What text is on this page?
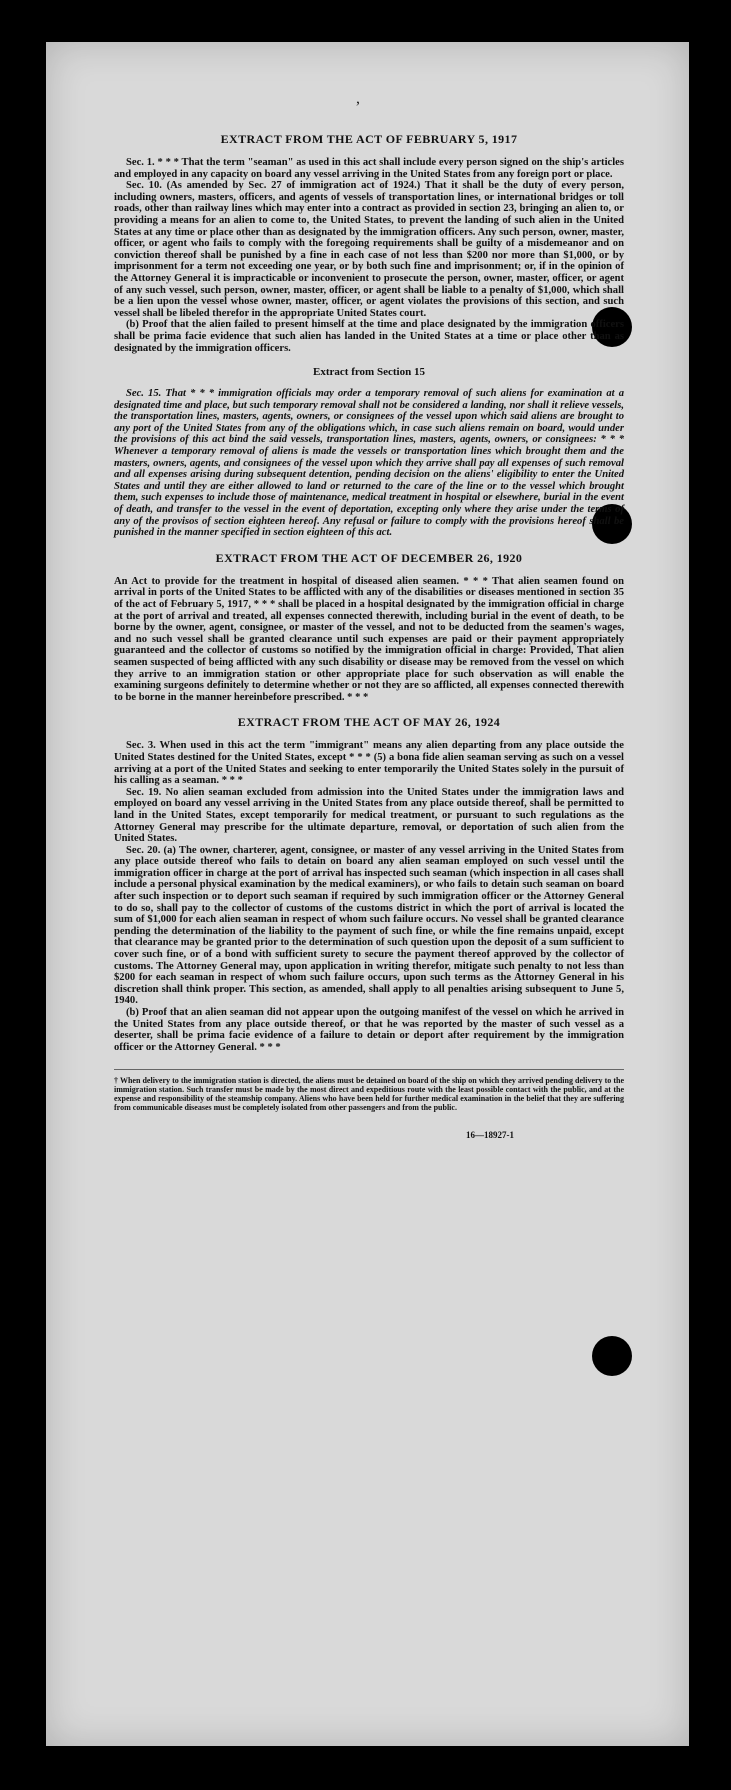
,
EXTRACT FROM THE ACT OF FEBRUARY 5, 1917

Sec. 1. * * * That the term "seaman" as used in this act shall include every person signed on the ship's articles and employed in any capacity on board any vessel arriving in the United States from any foreign port or place.

Sec. 10. (As amended by Sec. 27 of immigration act of 1924.) That it shall be the duty of every person, including owners, masters, officers, and agents of vessels of transportation lines, or international bridges or toll roads, other than railway lines which may enter into a contract as provided in section 23, bringing an alien to, or providing a means for an alien to come to, the United States, to prevent the landing of such alien in the United States at any time or place other than as designated by the immigration officers. Any such person, owner, master, officer, or agent who fails to comply with the foregoing requirements shall be guilty of a misdemeanor and on conviction thereof shall be punished by a fine in each case of not less than $200 nor more than $1,000, or by imprisonment for a term not exceeding one year, or by both such fine and imprisonment; or, if in the opinion of the Attorney General it is impracticable or inconvenient to prosecute the person, owner, master, officer, or agent of any such vessel, such person, owner, master, officer, or agent shall be liable to a penalty of $1,000, which shall be a lien upon the vessel whose owner, master, officer, or agent violates the provisions of this section, and such vessel shall be libeled therefor in the appropriate United States court.

(b) Proof that the alien failed to present himself at the time and place designated by the immigration officers shall be prima facie evidence that such alien has landed in the United States at a time or place other than as designated by the immigration officers.

Extract from Section 15

Sec. 15. That * * * immigration officials may order a temporary removal of such aliens for examination at a designated time and place, but such temporary removal shall not be considered a landing, nor shall it relieve vessels, the transportation lines, masters, agents, owners, or consignees of the vessel upon which said aliens are brought to any port of the United States from any of the obligations which, in case such aliens remain on board, would under the provisions of this act bind the said vessels, transportation lines, masters, agents, owners, or consignees: * * * Whenever a temporary removal of aliens is made the vessels or transportation lines which brought them and the masters, owners, agents, and consignees of the vessel upon which they arrive shall pay all expenses of such removal and all expenses arising during subsequent detention, pending decision on the aliens' eligibility to enter the United States and until they are either allowed to land or returned to the care of the line or to the vessel which brought them, such expenses to include those of maintenance, medical treatment in hospital or elsewhere, burial in the event of death, and transfer to the vessel in the event of deportation, excepting only where they arise under the terms of any of the provisos of section eighteen hereof. Any refusal or failure to comply with the provisions hereof shall be punished in the manner specified in section eighteen of this act.

EXTRACT FROM THE ACT OF DECEMBER 26, 1920

An Act to provide for the treatment in hospital of diseased alien seamen. * * * That alien seamen found on arrival in ports of the United States to be afflicted with any of the disabilities or diseases mentioned in section 35 of the act of February 5, 1917, * * * shall be placed in a hospital designated by the immigration official in charge at the port of arrival and treated, all expenses connected therewith, including burial in the event of death, to be borne by the owner, agent, consignee, or master of the vessel, and not to be deducted from the seamen's wages, and no such vessel shall be granted clearance until such expenses are paid or their payment appropriately guaranteed and the collector of customs so notified by the immigration official in charge: Provided, That alien seamen suspected of being afflicted with any such disability or disease may be removed from the vessel on which they arrive to an immigration station or other appropriate place for such observation as will enable the examining surgeons definitely to determine whether or not they are so afflicted, all expenses connected therewith to be borne in the manner hereinbefore prescribed. * * *

EXTRACT FROM THE ACT OF MAY 26, 1924

Sec. 3. When used in this act the term "immigrant" means any alien departing from any place outside the United States destined for the United States, except * * * (5) a bona fide alien seaman serving as such on a vessel arriving at a port of the United States and seeking to enter temporarily the United States solely in the pursuit of his calling as a seaman. * * *

Sec. 19. No alien seaman excluded from admission into the United States under the immigration laws and employed on board any vessel arriving in the United States from any place outside thereof, shall be permitted to land in the United States, except temporarily for medical treatment, or pursuant to such regulations as the Attorney General may prescribe for the ultimate departure, removal, or deportation of such alien from the United States.

Sec. 20. (a) The owner, charterer, agent, consignee, or master of any vessel arriving in the United States from any place outside thereof who fails to detain on board any alien seaman employed on such vessel until the immigration officer in charge at the port of arrival has inspected such seaman (which inspection in all cases shall include a personal physical examination by the medical examiners), or who fails to detain such seaman on board after such inspection or to deport such seaman if required by such immigration officer or the Attorney General to do so, shall pay to the collector of customs of the customs district in which the port of arrival is located the sum of $1,000 for each alien seaman in respect of whom such failure occurs. No vessel shall be granted clearance pending the determination of the liability to the payment of such fine, or while the fine remains unpaid, except that clearance may be granted prior to the determination of such question upon the deposit of a sum sufficient to cover such fine, or of a bond with sufficient surety to secure the payment thereof approved by the collector of customs. The Attorney General may, upon application in writing therefor, mitigate such penalty to not less than $200 for each seaman in respect of whom such failure occurs, upon such terms as the Attorney General in his discretion shall think proper. This section, as amended, shall apply to all penalties arising subsequent to June 5, 1940.

(b) Proof that an alien seaman did not appear upon the outgoing manifest of the vessel on which he arrived in the United States from any place outside thereof, or that he was reported by the master of such vessel as a deserter, shall be prima facie evidence of a failure to detain or deport after requirement by the immigration officer or the Attorney General. * * *

† When delivery to the immigration station is directed, the aliens must be detained on board of the ship on which they arrived pending delivery to the immigration station. Such transfer must be made by the most direct and expeditious route with the least possible contact with the public, and at the expense and responsibility of the steamship company. Aliens who have been held for further medical examination in the belief that they are suffering from communicable diseases must be completely isolated from other passengers and from the public.
16—18927-1
